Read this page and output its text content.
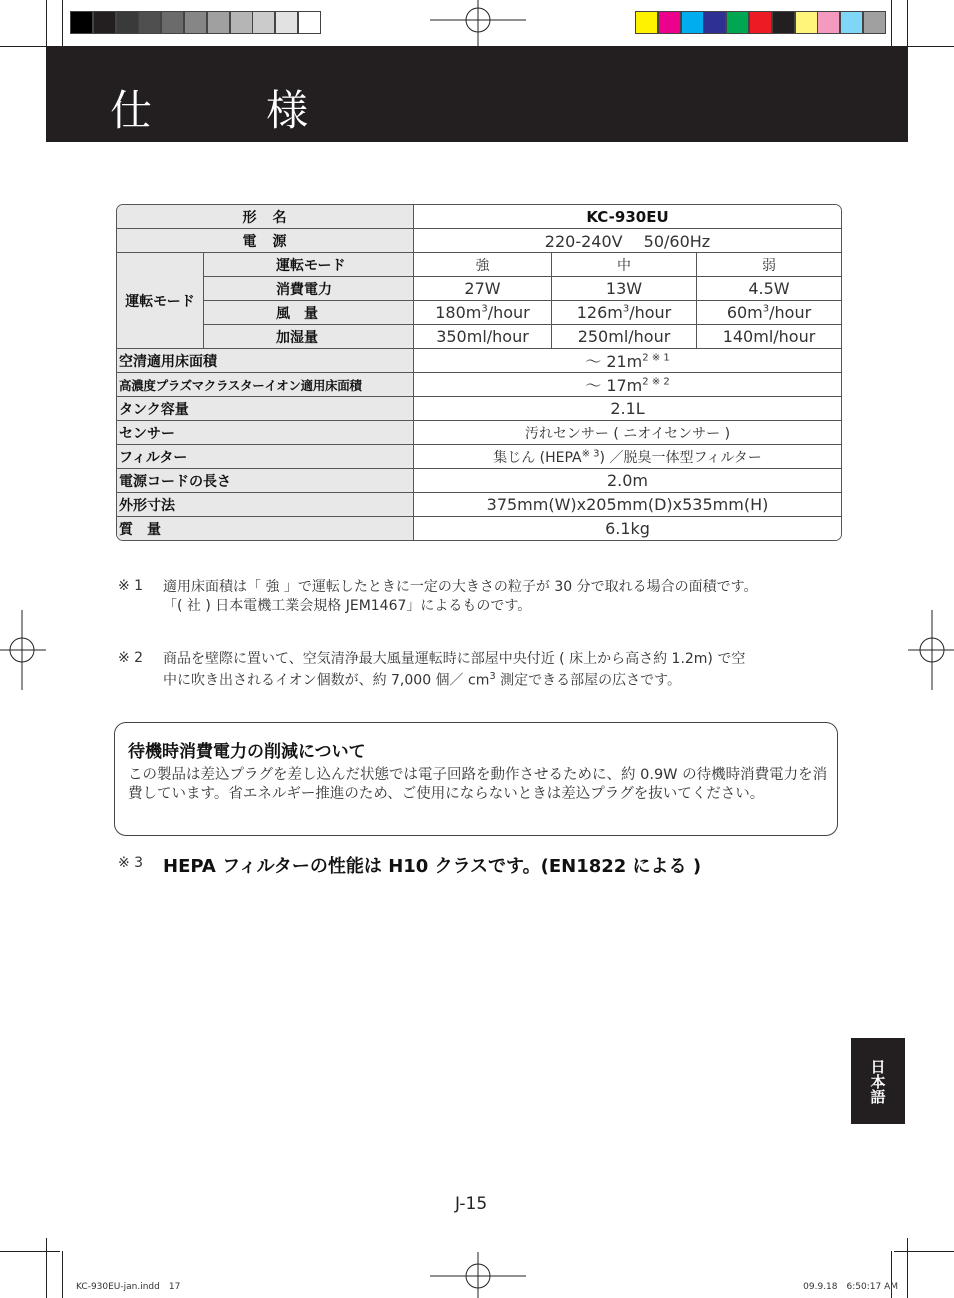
仕　様
形　名		KC-930EU		
電　源		220-240V　 50/60Hz		
運転モード	運転モード	強	中	弱
	消費電力	27W	13W	4.5W
	風　量	$180m^3$/hour	$126m^3$/hour	$60m^3$/hour
	加湿量	350ml/hour	250ml/hour	140ml/hour
空清適用床面積		～ $21m^{2 ※ 1}$
高濃度プラズマクラスターイオン適用床面積		～ $17m^{2 ※ 2}$
タンク容量		2.1L		
センサー		汚れセンサー ( ニオイセンサー )		
フィルター		集じん (HEPA$^{※ 3}$) ／脱臭一体型フィルター		
電源コードの長さ		2.0m		
外形寸法		375mm(W)x205mm(D)x535mm(H)		
質　量		6.1kg		
※ 1 適用床面積は「 強 」で運転したときに一定の大きさの粒子が 30 分で取れる場合の面積です。
「( 社 ) 日本電機工業会規格 JEM1467」によるものです。
※ 2 商品を壁際に置いて、空気清浄最大風量運転時に部屋中央付近 ( 床上から高さ約 1.2m) で空
中に吹き出されるイオン個数が、約 7,000 個／ $cm^3$ 測定できる部屋の広さです。
待機時消費電力の削減について
この製品は差込プラグを差し込んだ状態では電子回路を動作させるために、約 0.9W の待機時消費電力を消費しています。省エネルギー推進のため、ご使用にならないときは差込プラグを抜いてください。
※ 3 HEPA フィルターの性能は H10 クラスです。(EN1822 による )
日本語
J-15
KC-930EU-jan.indd　17	09.9.18　6:50:17 AM
